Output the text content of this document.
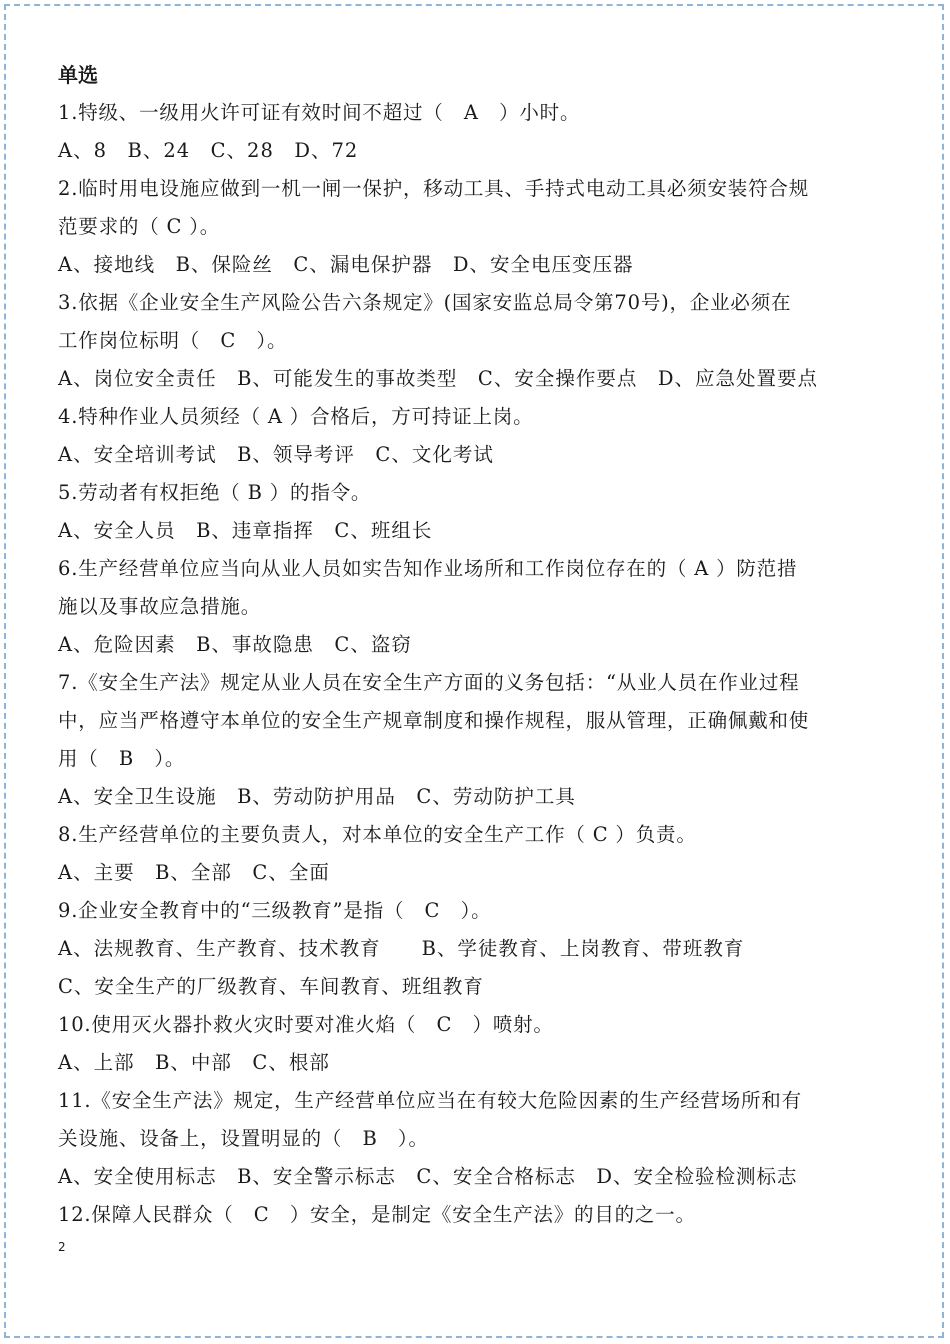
单选
1.特级、一级用火许可证有效时间不超过（　A　）小时。
A、8　B、24　C、28　D、72
2.临时用电设施应做到一机一闸一保护，移动工具、手持式电动工具必须安装符合规
范要求的（ C ）。
A、接地线　B、保险丝　C、漏电保护器　D、安全电压变压器
3.依据《企业安全生产风险公告六条规定》(国家安监总局令第70号)，企业必须在
工作岗位标明（　C　）。
A、岗位安全责任　B、可能发生的事故类型　C、安全操作要点　D、应急处置要点
4.特种作业人员须经（ A ）合格后，方可持证上岗。
A、安全培训考试　B、领导考评　C、文化考试
5.劳动者有权拒绝（ B ）的指令。
A、安全人员　B、违章指挥　C、班组长
6.生产经营单位应当向从业人员如实告知作业场所和工作岗位存在的（ A ）防范措
施以及事故应急措施。
A、危险因素　B、事故隐患　C、盗窃
7.《安全生产法》规定从业人员在安全生产方面的义务包括：“从业人员在作业过程
中，应当严格遵守本单位的安全生产规章制度和操作规程，服从管理，正确佩戴和使
用（　B　）。
A、安全卫生设施　B、劳动防护用品　C、劳动防护工具
8.生产经营单位的主要负责人，对本单位的安全生产工作（ C ）负责。
A、主要　B、全部　C、全面
9.企业安全教育中的“三级教育”是指（　C　）。
A、法规教育、生产教育、技术教育　　B、学徒教育、上岗教育、带班教育
C、安全生产的厂级教育、车间教育、班组教育
10.使用灭火器扑救火灾时要对准火焰（　C　）喷射。
A、上部　B、中部　C、根部
11.《安全生产法》规定，生产经营单位应当在有较大危险因素的生产经营场所和有
关设施、设备上，设置明显的（　B　）。
A、安全使用标志　B、安全警示标志　C、安全合格标志　D、安全检验检测标志
12.保障人民群众（　C　）安全，是制定《安全生产法》的目的之一。
2
